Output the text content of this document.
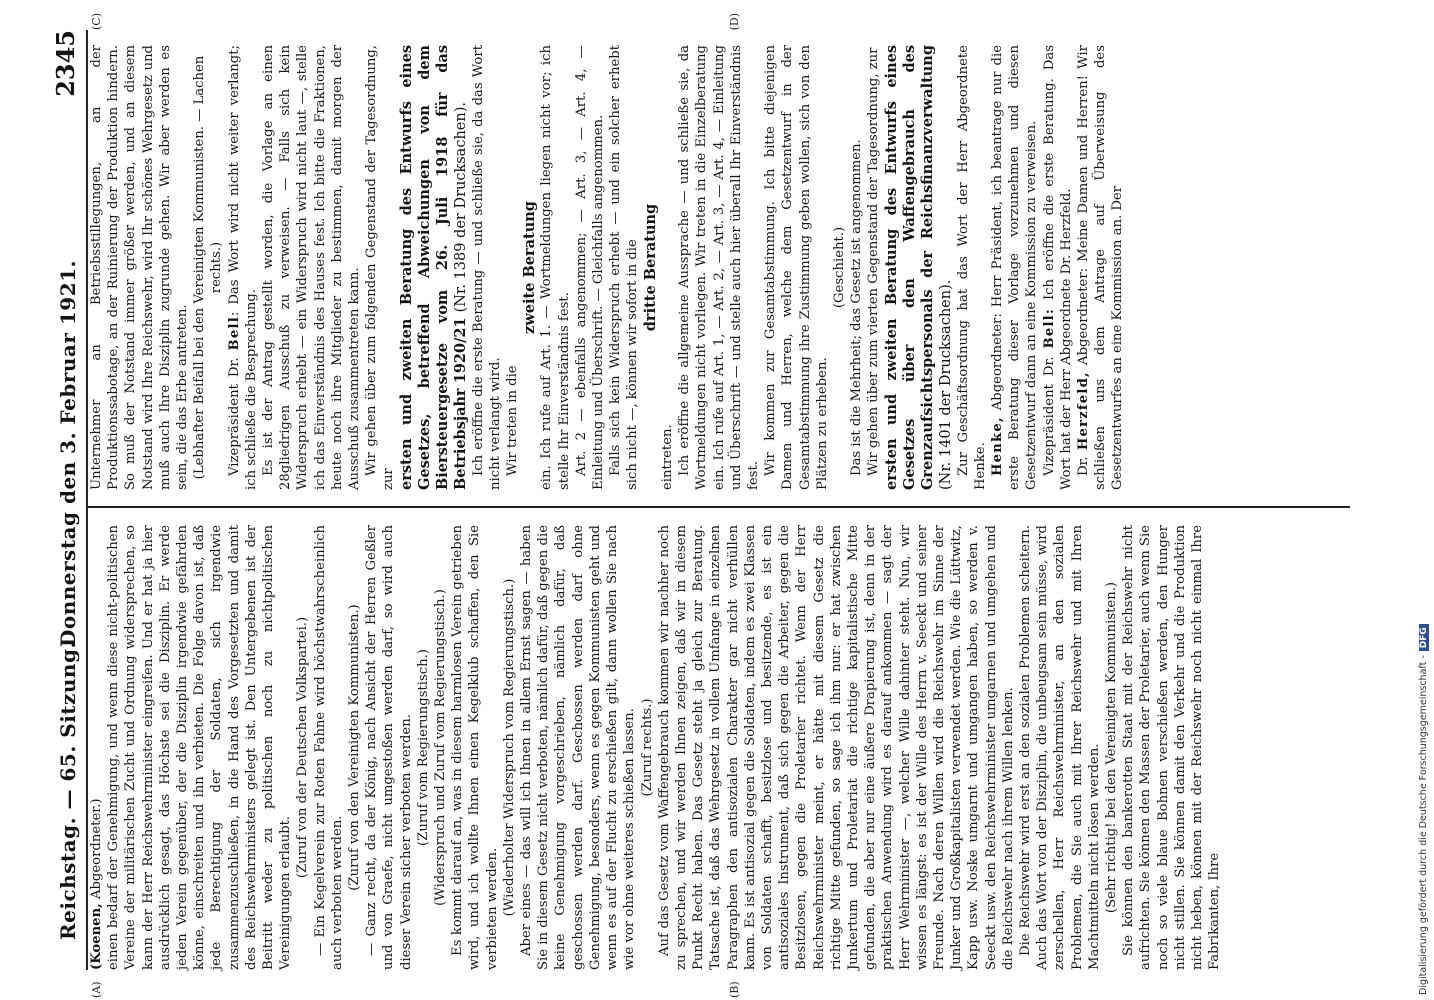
Reichstag. — 65. Sitzung.
Donnerstag den 3. Februar 1921.
2345
(A)	(B)

(Koenen, Abgeordneter.) einen bedarf der Genehmigung, und wenn diese nicht-politischen Vereine der militärischen Zucht und Ordnung widersprechen, so kann der Herr Reichswehrminister eingreifen. Und er hat ja hier ausdrücklich gesagt, das Höchste sei die Disziplin. Er werde jeden Verein gegenüber, der die Disziplin irgendwie gefährden könne, einschreiten und ihn verbieten. Die Folge davon ist, daß jede Berechtigung der Soldaten, sich irgendwie zusammenzuschließen, in die Hand des Vorgesetzten und damit des Reichswehrministers gelegt ist. Den Untergebenen ist der Beitritt weder zu politischen noch zu nichtpolitischen Vereinigungen erlaubt.

(Zuruf von der Deutschen Volkspartei.) — Ein Kegelverein zur Roten Fahne wird höchstwahrscheinlich auch verboten werden.

(Zuruf von den Vereinigten Kommunisten.) — Ganz recht, da der König, nach Ansicht der Herren Geßler und von Graefe, nicht umgestoßen werden darf, so wird auch dieser Verein sicher verboten werden. (Zuruf vom Regierungstisch.) (Widerspruch und Zuruf vom Regierungstisch.) Es kommt darauf an, was in diesem harmlosen Verein getrieben wird, und ich wollte Ihnen einen Kegelklub schaffen, den Sie verbieten werden. (Wiederholter Widerspruch vom Regierungstisch.) Aber eines — das will ich Ihnen in allem Ernst sagen — haben Sie in diesem Gesetz nicht verboten, nämlich dafür, daß gegen die keine Genehmigung vorgeschrieben, nämlich dafür, daß geschossen werden darf. Geschossen werden darf ohne Genehmigung, besonders, wenn es gegen Kommunisten geht und wenn es auf der Flucht zu erschießen gilt, dann wollen Sie nach wie vor ohne weiteres schießen lassen. (Zuruf rechts.) Auf das Gesetz vom Waffengebrauch kommen wir nachher noch zu sprechen, und wir werden Ihnen zeigen, daß wir in diesem Punkt Recht haben. Das Gesetz steht ja gleich zur Beratung. Tatsache ist, daß das Wehrgesetz in vollem Umfange in einzelnen Paragraphen den antisozialen Charakter gar nicht verhüllen kann. Es ist antisozial gegen die Soldaten, indem es zwei Klassen von Soldaten schafft, besitzlose und besitzende, es ist ein antisoziales Instrument, daß sich gegen die Arbeiter, gegen die Besitzlosen, gegen die Proletarier richtet. Wenn der Herr Reichswehrminister meint, er hätte mit diesem Gesetz die richtige Mitte gefunden, so sage ich ihm nur: er hat zwischen Junkertum und Proletariat die richtige kapitalistische Mitte gefunden, die aber nur eine äußere Drapierung ist, denn in der praktischen Anwendung wird es darauf ankommen — sagt der Herr Wehrminister —, welcher Wille dahinter steht. Nun, wir wissen es längst: es ist der Wille des Herrn v. Seeckt und seiner Freunde. Nach deren Willen wird die Reichswehr im Sinne der Junker und Großkapitalisten verwendet werden. Wie die Lüttwitz, Kapp usw. Noske umgarnt und umgangen haben, so werden v. Seeckt usw. den Reichswehrminister umgarnen und umgehen und die Reichswehr nach ihrem Willen lenken. Die Reichswehr wird erst an den sozialen Problemen scheitern. Auch das Wort von der Disziplin, die unbeugsam sein müsse, wird zerschellen, Herr Reichswehrminister, an den sozialen Problemen, die Sie auch mit Ihrer Reichswehr und mit Ihren Machtmitteln nicht lösen werden. (Sehr richtig! bei den Vereinigten Kommunisten.) Sie können den bankerotten Staat mit der Reichswehr nicht aufrichten. Sie können den Massen der Proletarier, auch wenn Sie noch so viele blaue Bohnen verschießen werden, den Hunger nicht stillen. Sie können damit den Verkehr und die Produktion nicht heben, können mit der Reichswehr noch nicht einmal Ihre Fabrikanten, Ihre

(C)	(D)

Unternehmer an Betriebsstillegungen, an der Produktionssabotage, an der Ruinierung der Produktion hindern. So muß der Notstand immer größer werden, und an diesem Notstand wird Ihre Reichswehr, wird Ihr schönes Wehrgesetz und muß auch Ihre Disziplin zugrunde gehen. Wir aber werden es sein, die das Erbe antreten. (Lebhafter Beifall bei den Vereinigten Kommunisten. — Lachen rechts.)

Vizepräsident Dr. Bell: Das Wort wird nicht weiter verlangt; ich schließe die Besprechung. Es ist der Antrag gestellt worden, die Vorlage an einen 28gliedrigen Ausschuß zu verweisen. — Falls sich kein Widerspruch erhebt — ein Widerspruch wird nicht laut —, stelle ich das Einverständnis des Hauses fest. Ich bitte die Fraktionen, heute noch ihre Mitglieder zu bestimmen, damit morgen der Ausschuß zusammentreten kann. Wir gehen über zum folgenden Gegenstand der Tagesordnung, zur ersten und zweiten Beratung des Entwurfs eines Gesetzes, betreffend Abweichungen von dem Biersteuergesetze vom 26. Juli 1918 für das Betriebsjahr 1920/21 (Nr. 1389 der Drucksachen). Ich eröffne die erste Beratung — und schließe sie, da das Wort nicht verlangt wird. Wir treten in die

zweite Beratung ein. Ich rufe auf Art. 1. — Wortmeldungen liegen nicht vor; ich stelle Ihr Einverständnis fest. Art. 2 — ebenfalls angenommen; — Art. 3, — Art. 4, — Einleitung und Überschrift. — Gleichfalls angenommen. Falls sich kein Widerspruch erhebt — und ein solcher erhebt sich nicht —, können wir sofort in die dritte Beratung

eintreten. Ich eröffne die allgemeine Aussprache — und schließe sie, da Wortmeldungen nicht vorliegen. Wir treten in die Einzelberatung ein. Ich rufe auf Art. 1, — Art. 2, — Art. 3, — Art. 4, — Einleitung und Überschrift — und stelle auch hier überall Ihr Einverständnis fest. Wir kommen zur Gesamtabstimmung. Ich bitte diejenigen Damen und Herren, welche dem Gesetzentwurf in der Gesamtabstimmung ihre Zustimmung geben wollen, sich von den Plätzen zu erheben.

(Geschieht.) Das ist die Mehrheit; das Gesetz ist angenommen. Wir gehen über zum vierten Gegenstand der Tagesordnung, zur ersten und zweiten Beratung des Entwurfs eines Gesetzes über den Waffengebrauch des Grenzaufsichtspersonals der Reichsfinanzverwaltung (Nr. 1401 der Drucksachen). Zur Geschäftsordnung hat das Wort der Herr Abgeordnete Henke. Henke, Abgeordneter: Herr Präsident, ich beantrage nur die erste Beratung dieser Vorlage vorzunehmen und diesen Gesetzentwurf dann an eine Kommission zu verweisen. Vizepräsident Dr. Bell: Ich eröffne die erste Beratung. Das Wort hat der Herr Abgeordnete Dr. Herzfeld. Dr. Herzfeld, Abgeordneter: Meine Damen und Herren! Wir schließen uns dem Antrage auf Überweisung des Gesetzentwurfes an eine Kommission an. Der

Digitalisierung gefördert durch die Deutsche Forschungsgemeinschaft -DFG
